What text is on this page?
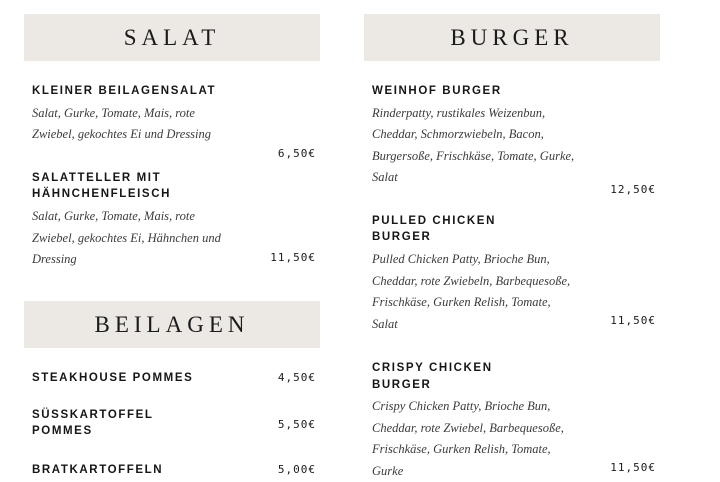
SALAT
KLEINER BEILAGENSALAT
Salat, Gurke, Tomate, Mais, rote Zwiebel, gekochtes Ei und Dressing
6,50€
SALATTELLER MIT HÄHNCHENFLEISCH
Salat, Gurke, Tomate, Mais, rote Zwiebel, gekochtes Ei, Hähnchen und Dressing	11,50€
BEILAGEN
STEAKHOUSE POMMES	4,50€
SÜSSKARTOFFEL POMMES
5,50€
BRATKARTOFFELN	5,00€
BURGER
WEINHOF BURGER
Rinderpatty, rustikales Weizenbun, Cheddar, Schmorzwiebeln, Bacon, Burgersoße, Frischkäse, Tomate, Gurke, Salat
12,50€
PULLED CHICKEN BURGER
Pulled Chicken Patty, Brioche Bun, Cheddar, rote Zwiebeln, Barbequesoße, Frischkäse, Gurken Relish, Tomate, Salat	11,50€
CRISPY CHICKEN BURGER
Crispy Chicken Patty, Brioche Bun, Cheddar, rote Zwiebel, Barbequesoße, Frischkäse, Gurken Relish, Tomate, Gurke	11,50€
